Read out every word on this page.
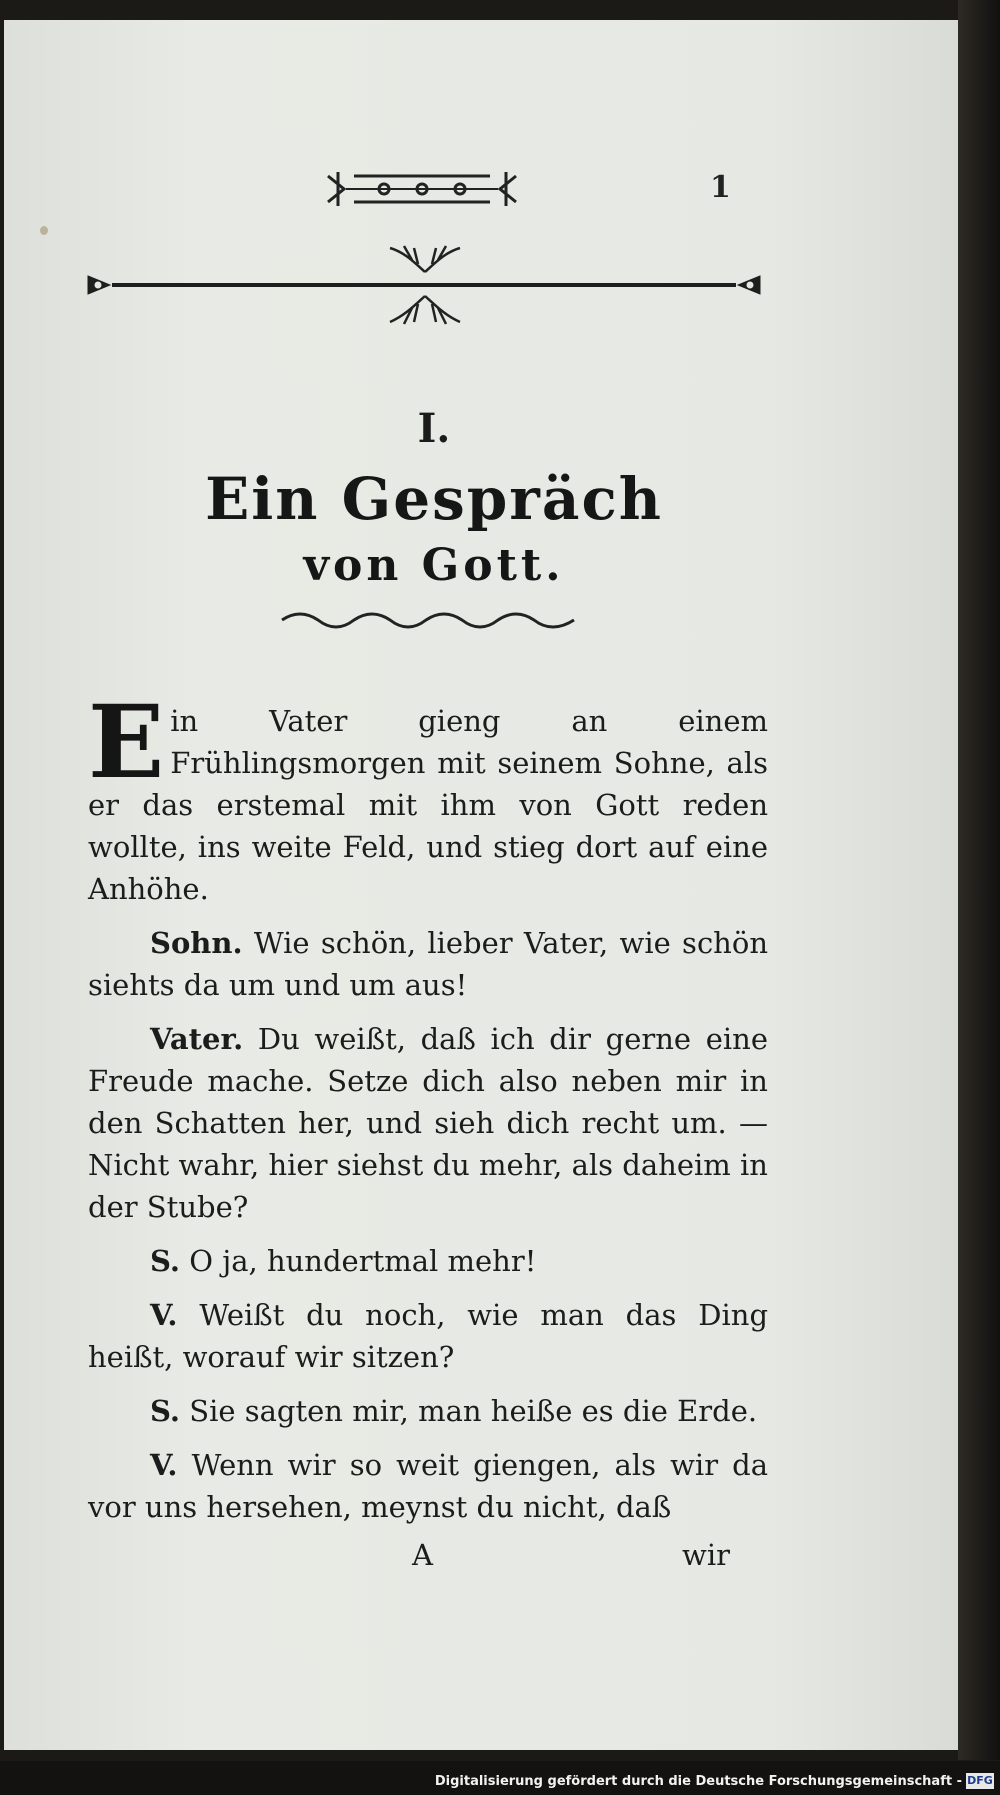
1
I.
Ein Gespräch
von Gott.

Ein Vater gieng an einem Frühlingsmorgen mit seinem Sohne, als er das erstemal mit ihm von Gott reden wollte, ins weite Feld, und stieg dort auf eine Anhöhe.

Sohn. Wie schön, lieber Vater, wie schön siehts da um und um aus!

Vater. Du weißt, daß ich dir gerne eine Freude mache. Setze dich also neben mir in den Schatten her, und sieh dich recht um. — Nicht wahr, hier siehst du mehr, als daheim in der Stube?

S. O ja, hundertmal mehr!

V. Weißt du noch, wie man das Ding heißt, worauf wir sitzen?

S. Sie sagten mir, man heiße es die Erde.

V. Wenn wir so weit giengen, als wir da vor uns hersehen, meynst du nicht, daß

A	wir
Digitalisierung gefördert durch die Deutsche Forschungsgemeinschaft - DFG
